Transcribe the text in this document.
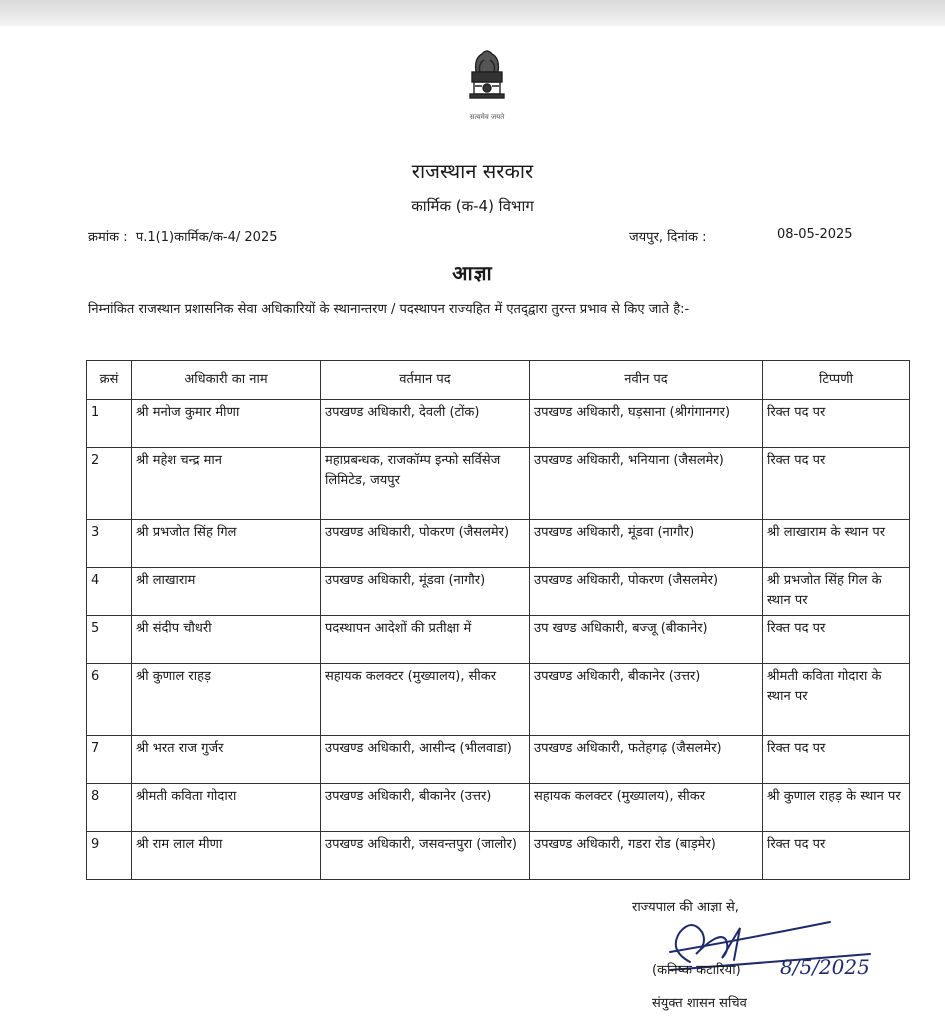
सत्यमेव जयते
राजस्थान सरकार
कार्मिक (क-4) विभाग
क्रमांक : प.1(1)कार्मिक/क-4/ 2025	जयपुर, दिनांक :	08-05-2025
आज्ञा
निम्नांकित राजस्थान प्रशासनिक सेवा अधिकारियों के स्थानान्तरण / पदस्थापन राज्यहित में एतद्‌द्वारा तुरन्त प्रभाव से किए जाते है:-
क्रसं	अधिकारी का नाम	वर्तमान पद	नवीन पद	टिप्पणी
1	श्री मनोज कुमार मीणा	उपखण्ड अधिकारी, देवली (टोंक)	उपखण्ड अधिकारी, घड़साना (श्रीगंगानगर)	रिक्त पद पर
2	श्री महेश चन्द्र मान	महाप्रबन्धक, राजकॉम्प इन्फो सर्विसेज लिमिटेड, जयपुर	उपखण्ड अधिकारी, भनियाना (जैसलमेर)	रिक्त पद पर
3	श्री प्रभजोत सिंह गिल	उपखण्ड अधिकारी, पोकरण (जैसलमेर)	उपखण्ड अधिकारी, मूंडवा (नागौर)	श्री लाखाराम के स्थान पर
4	श्री लाखाराम	उपखण्ड अधिकारी, मूंडवा (नागौर)	उपखण्ड अधिकारी, पोकरण (जैसलमेर)	श्री प्रभजोत सिंह गिल के स्थान पर
5	श्री संदीप चौधरी	पदस्थापन आदेशों की प्रतीक्षा में	उप खण्ड अधिकारी, बज्जू (बीकानेर)	रिक्त पद पर
6	श्री कुणाल राहड़	सहायक कलक्टर (मुख्यालय), सीकर	उपखण्ड अधिकारी, बीकानेर (उत्तर)	श्रीमती कविता गोदारा के स्थान पर
7	श्री भरत राज गुर्जर	उपखण्ड अधिकारी, आसीन्द (भीलवाडा)	उपखण्ड अधिकारी, फतेहगढ़ (जैसलमेर)	रिक्त पद पर
8	श्रीमती कविता गोदारा	उपखण्ड अधिकारी, बीकानेर (उत्तर)	सहायक कलक्टर (मुख्यालय), सीकर	श्री कुणाल राहड़ के स्थान पर
9	श्री राम लाल मीणा	उपखण्ड अधिकारी, जसवन्तपुरा (जालोर)	उपखण्ड अधिकारी, गडरा रोड (बाड़मेर)	रिक्त पद पर
राज्यपाल की आज्ञा से,
8/5/2025
(कनिष्क कटारिया)
संयुक्त शासन सचिव
